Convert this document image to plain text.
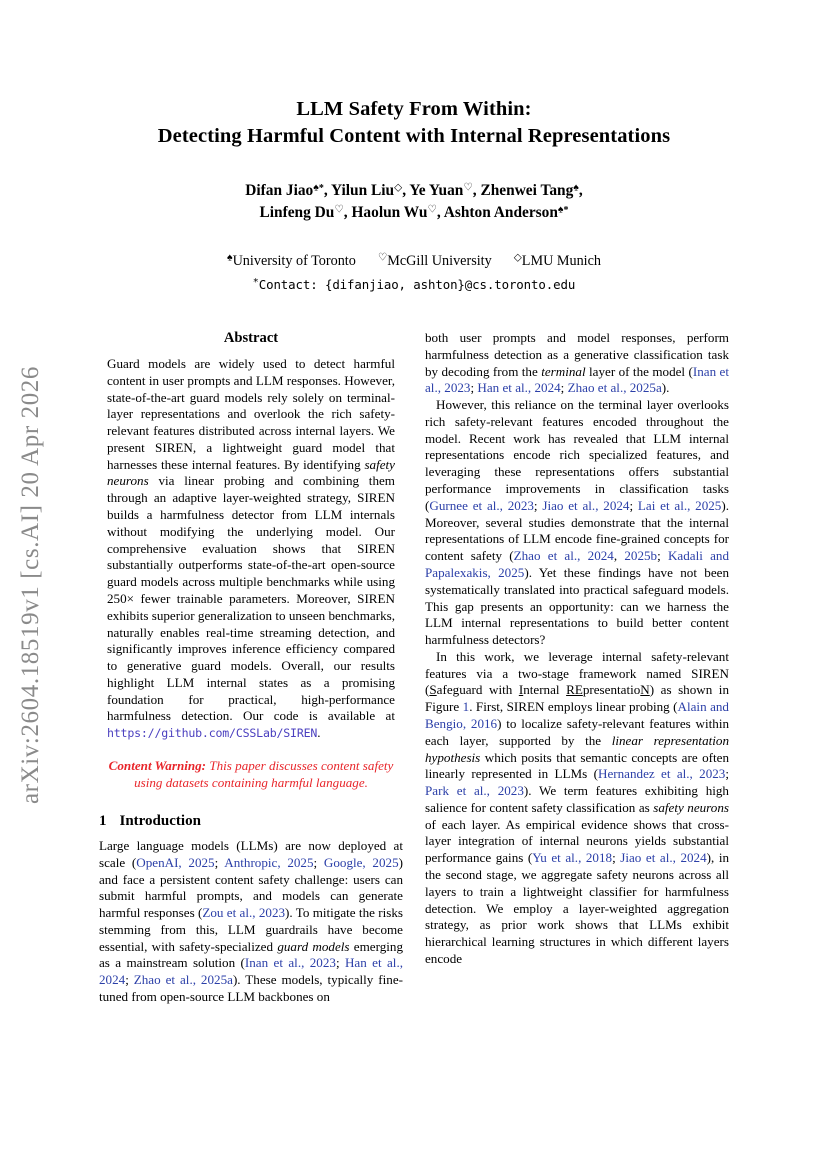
arXiv:2604.18519v1 [cs.AI] 20 Apr 2026
LLM Safety From Within:
Detecting Harmful Content with Internal Representations
Difan Jiao♠*, Yilun Liu◇, Ye Yuan♡, Zhenwei Tang♠,
Linfeng Du♡, Haolun Wu♡, Ashton Anderson♠*
♠University of Toronto ♡McGill University ◇LMU Munich
*Contact: {difanjiao, ashton}@cs.toronto.edu
Abstract

Guard models are widely used to detect harmful content in user prompts and LLM responses. However, state-of-the-art guard models rely solely on terminal-layer representations and overlook the rich safety-relevant features distributed across internal layers. We present SIREN, a lightweight guard model that harnesses these internal features. By identifying safety neurons via linear probing and combining them through an adaptive layer-weighted strategy, SIREN builds a harmfulness detector from LLM internals without modifying the underlying model. Our comprehensive evaluation shows that SIREN substantially outperforms state-of-the-art open-source guard models across multiple benchmarks while using 250× fewer trainable parameters. Moreover, SIREN exhibits superior generalization to unseen benchmarks, naturally enables real-time streaming detection, and significantly improves inference efficiency compared to generative guard models. Overall, our results highlight LLM internal states as a promising foundation for practical, high-performance harmfulness detection. Our code is available at https://github.com/CSSLab/SIREN.

Content Warning: This paper discusses content safety using datasets containing harmful language.
1 Introduction

Large language models (LLMs) are now deployed at scale (OpenAI, 2025; Anthropic, 2025; Google, 2025) and face a persistent content safety challenge: users can submit harmful prompts, and models can generate harmful responses (Zou et al., 2023). To mitigate the risks stemming from this, LLM guardrails have become essential, with safety-specialized guard models emerging as a mainstream solution (Inan et al., 2023; Han et al., 2024; Zhao et al., 2025a). These models, typically fine-tuned from open-source LLM backbones on

both user prompts and model responses, perform harmfulness detection as a generative classification task by decoding from the terminal layer of the model (Inan et al., 2023; Han et al., 2024; Zhao et al., 2025a).

However, this reliance on the terminal layer overlooks rich safety-relevant features encoded throughout the model. Recent work has revealed that LLM internal representations encode rich specialized features, and leveraging these representations offers substantial performance improvements in classification tasks (Gurnee et al., 2023; Jiao et al., 2024; Lai et al., 2025). Moreover, several studies demonstrate that the internal representations of LLM encode fine-grained concepts for content safety (Zhao et al., 2024, 2025b; Kadali and Papalexakis, 2025). Yet these findings have not been systematically translated into practical safeguard models. This gap presents an opportunity: can we harness the LLM internal representations to build better content harmfulness detectors?

In this work, we leverage internal safety-relevant features via a two-stage framework named SIREN (Safeguard with Internal REpresentatioN) as shown in Figure 1. First, SIREN employs linear probing (Alain and Bengio, 2016) to localize safety-relevant features within each layer, supported by the linear representation hypothesis which posits that semantic concepts are often linearly represented in LLMs (Hernandez et al., 2023; Park et al., 2023). We term features exhibiting high salience for content safety classification as safety neurons of each layer. As empirical evidence shows that cross-layer integration of internal neurons yields substantial performance gains (Yu et al., 2018; Jiao et al., 2024), in the second stage, we aggregate safety neurons across all layers to train a lightweight classifier for harmfulness detection. We employ a layer-weighted aggregation strategy, as prior work shows that LLMs exhibit hierarchical learning structures in which different layers encode
